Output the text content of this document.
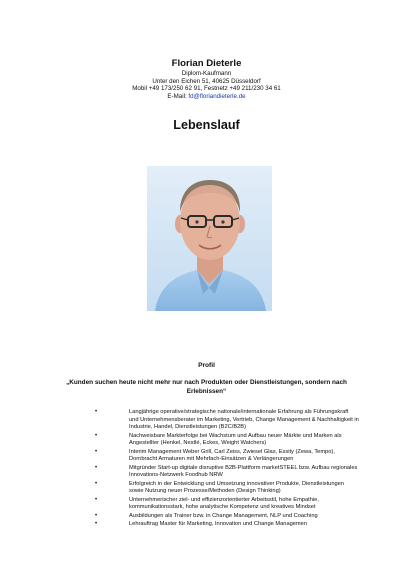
Florian Dieterle
Diplom-Kaufmann
Unter den Eichen 51, 40625 Düsseldorf
Mobil +49 173/250 62 91, Festnetz +49 211/230 34 61
E-Mail: fd@floriandieterle.de
Lebenslauf
Profil
„Kunden suchen heute nicht mehr nur nach Produkten oder Dienstleistungen, sondern nach Erlebnissen“
•	Langjährige operative/strategische nationale/internationale Erfahrung als Führungskraft und Unternehmensberater im Marketing, Vertrieb, Change Management & Nachhaltigkeit in Industrie, Handel, Dienstleistungen (B2C/B2B)
•	Nachweisbare Markterfolge bei Wachstum und Aufbau neuer Märkte und Marken als Angestellter (Henkel, Nestlé, Eckes, Weight Watchers)
•	Interim Management Weber Grill, Carl Zeiss, Zwiesel Glas, Essity (Zewa, Tempo), Dornbracht Armaturen mit Mehrfach-Einsätzen & Verlängerungen
•	Mitgründer Start-up digitale disruptive B2B-Plattform marketSTEEL bzw. Aufbau regionales Innovations-Netzwerk Foodhub NRW
•	Erfolgreich in der Entwicklung und Umsetzung innovativer Produkte, Dienstleistungen sowie Nutzung neuer Prozesse/Methoden (Design Thinking)
•	Unternehmerischer ziel- und effizienzorientierter Arbeitsstil, hohe Empathie, kommunikationsstark, hohe analytische Kompetenz und kreatives Mindset
•	Ausbildungen als Trainer bzw. in Change Management, NLP und Coaching
•	Lehrauftrag Master für Marketing, Innovation und Change Managemen
